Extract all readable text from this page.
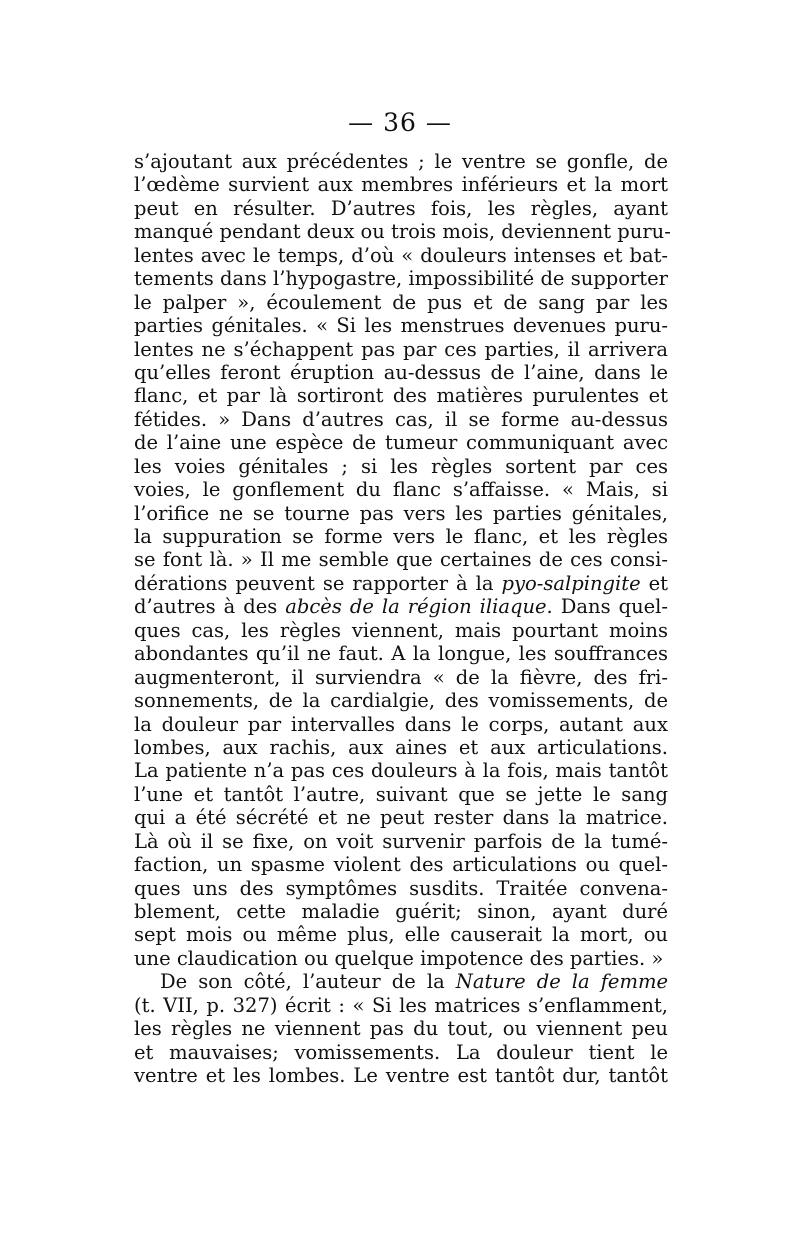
— 36 —
s’ajoutant aux précédentes ; le ventre se gonfle, de
l’œdème survient aux membres inférieurs et la mort
peut en résulter. D’autres fois, les règles, ayant
manqué pendant deux ou trois mois, deviennent puru-
lentes avec le temps, d’où « douleurs intenses et bat-
tements dans l’hypogastre, impossibilité de supporter
le palper », écoulement de pus et de sang par les
parties génitales. « Si les menstrues devenues puru-
lentes ne s’échappent pas par ces parties, il arrivera
qu’elles feront éruption au-dessus de l’aine, dans le
flanc, et par là sortiront des matières purulentes et
fétides. » Dans d’autres cas, il se forme au-dessus
de l’aine une espèce de tumeur communiquant avec
les voies génitales ; si les règles sortent par ces
voies, le gonflement du flanc s’affaisse. « Mais, si
l’orifice ne se tourne pas vers les parties génitales,
la suppuration se forme vers le flanc, et les règles
se font là. » Il me semble que certaines de ces consi-
dérations peuvent se rapporter à la pyo-salpingite et
d’autres à des abcès de la région iliaque. Dans quel-
ques cas, les règles viennent, mais pourtant moins
abondantes qu’il ne faut. A la longue, les souffrances
augmenteront, il surviendra « de la fièvre, des fri-
sonnements, de la cardialgie, des vomissements, de
la douleur par intervalles dans le corps, autant aux
lombes, aux rachis, aux aines et aux articulations.
La patiente n’a pas ces douleurs à la fois, mais tantôt
l’une et tantôt l’autre, suivant que se jette le sang
qui a été sécrété et ne peut rester dans la matrice.
Là où il se fixe, on voit survenir parfois de la tumé-
faction, un spasme violent des articulations ou quel-
ques uns des symptômes susdits. Traitée convena-
blement, cette maladie guérit; sinon, ayant duré
sept mois ou même plus, elle causerait la mort, ou
une claudication ou quelque impotence des parties. »
De son côté, l’auteur de la Nature de la femme
(t. VII, p. 327) écrit : « Si les matrices s’enflamment,
les règles ne viennent pas du tout, ou viennent peu
et mauvaises; vomissements. La douleur tient le
ventre et les lombes. Le ventre est tantôt dur, tantôt
